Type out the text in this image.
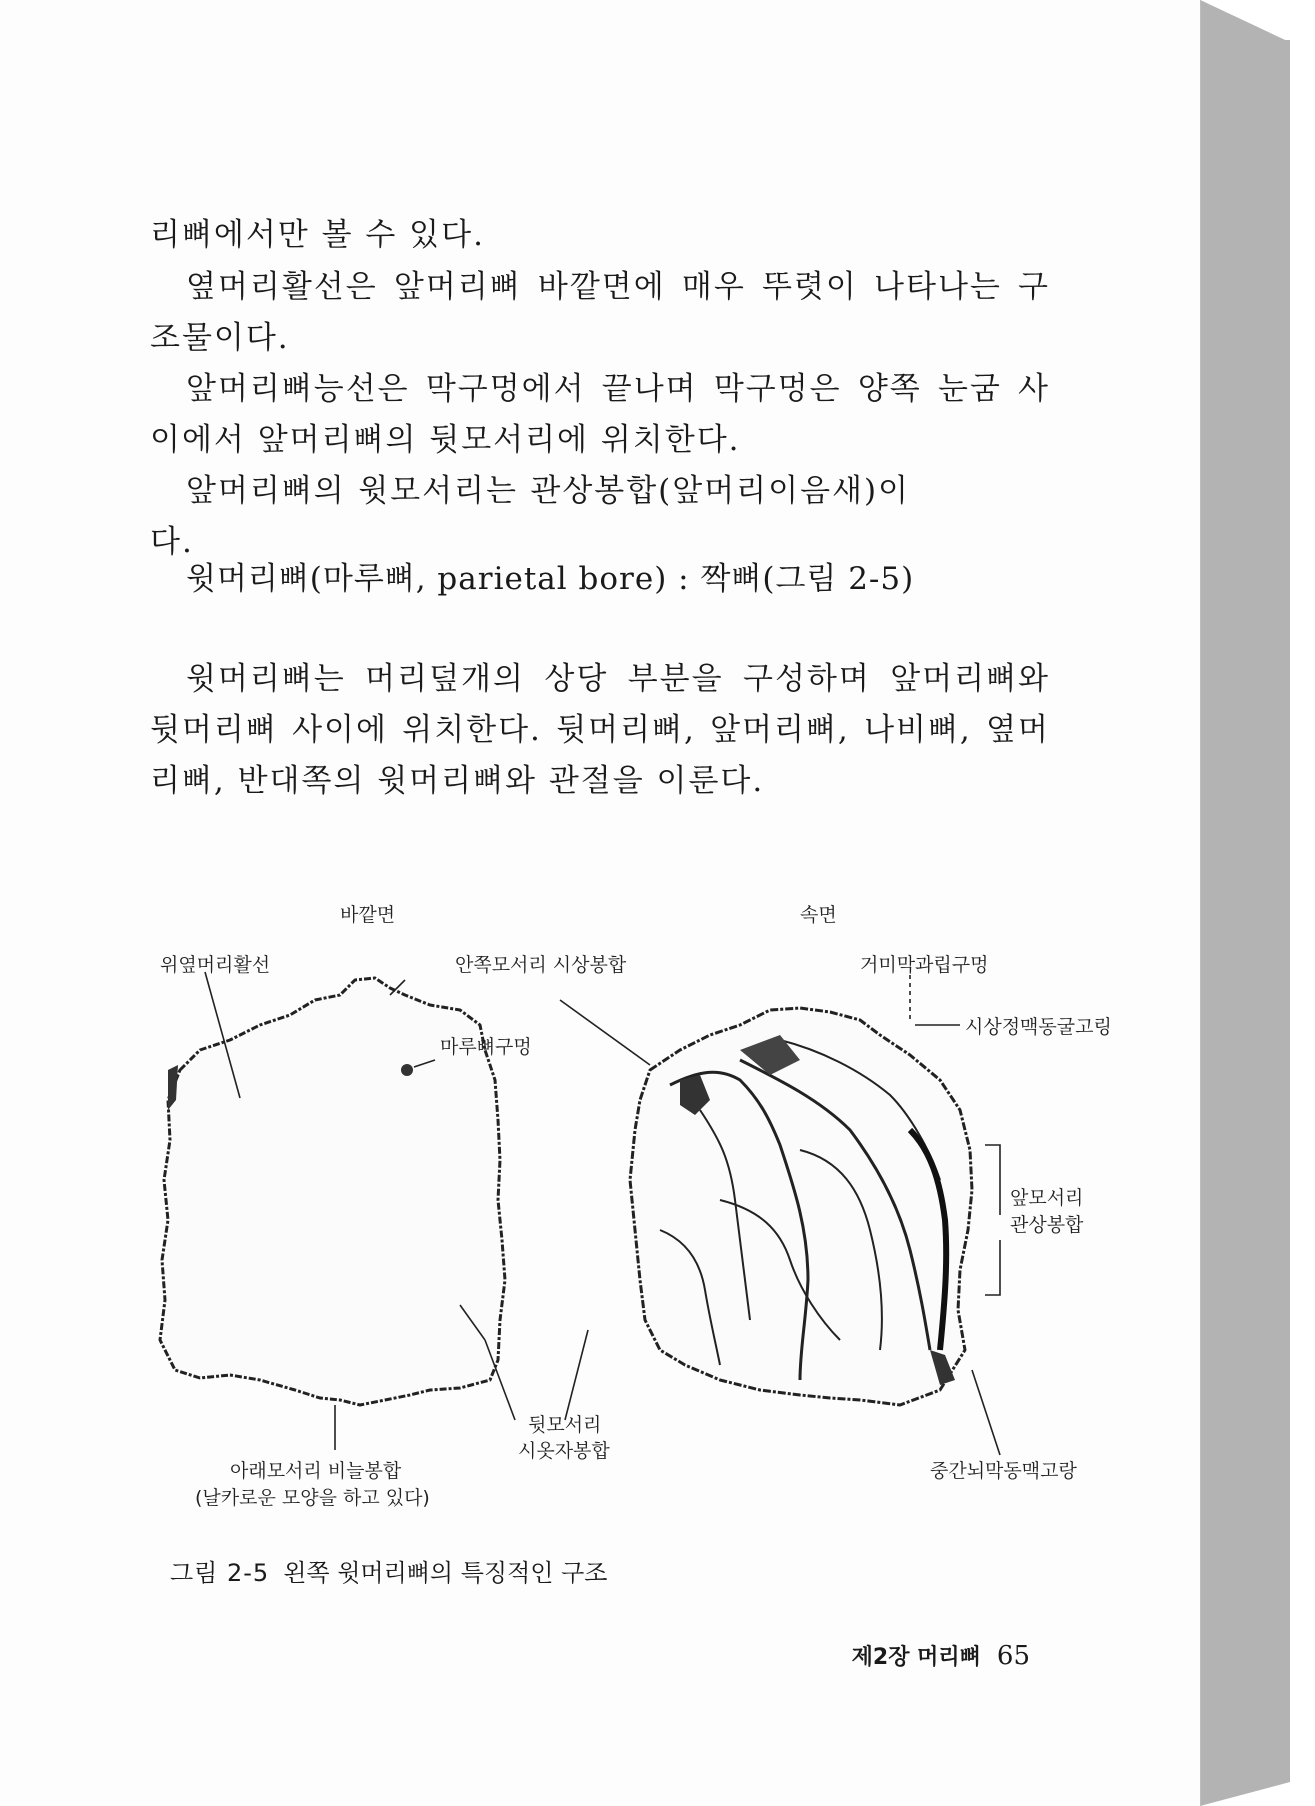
리뼈에서만 볼 수 있다.

옆머리활선은 앞머리뼈 바깥면에 매우 뚜렷이 나타나는 구조물이다.

앞머리뼈능선은 막구멍에서 끝나며 막구멍은 양쪽 눈굼 사이에서 앞머리뼈의 뒷모서리에 위치한다.

앞머리뼈의 윗모서리는 관상봉합(앞머리이음새)이다.

윗머리뼈(마루뼈, parietal bore) : 짝뼈(그림 2-5)

윗머리뼈는 머리덮개의 상당 부분을 구성하며 앞머리뼈와 뒷머리뼈 사이에 위치한다. 뒷머리뼈, 앞머리뼈, 나비뼈, 옆머리뼈, 반대쪽의 윗머리뼈와 관절을 이룬다.

바깥면	속면
위옆머리활선	안쪽모서리 시상봉합
마루뼈구멍
거미막과립구멍
시상정맥동굴고링
앞모서리
관상봉합
뒷모서리
시옷자봉합
아래모서리 비늘봉합
(날카로운 모양을 하고 있다)
중간뇌막동맥고랑
그림 2-5 왼쪽 윗머리뼈의 특징적인 구조
제2장 머리뼈 65
